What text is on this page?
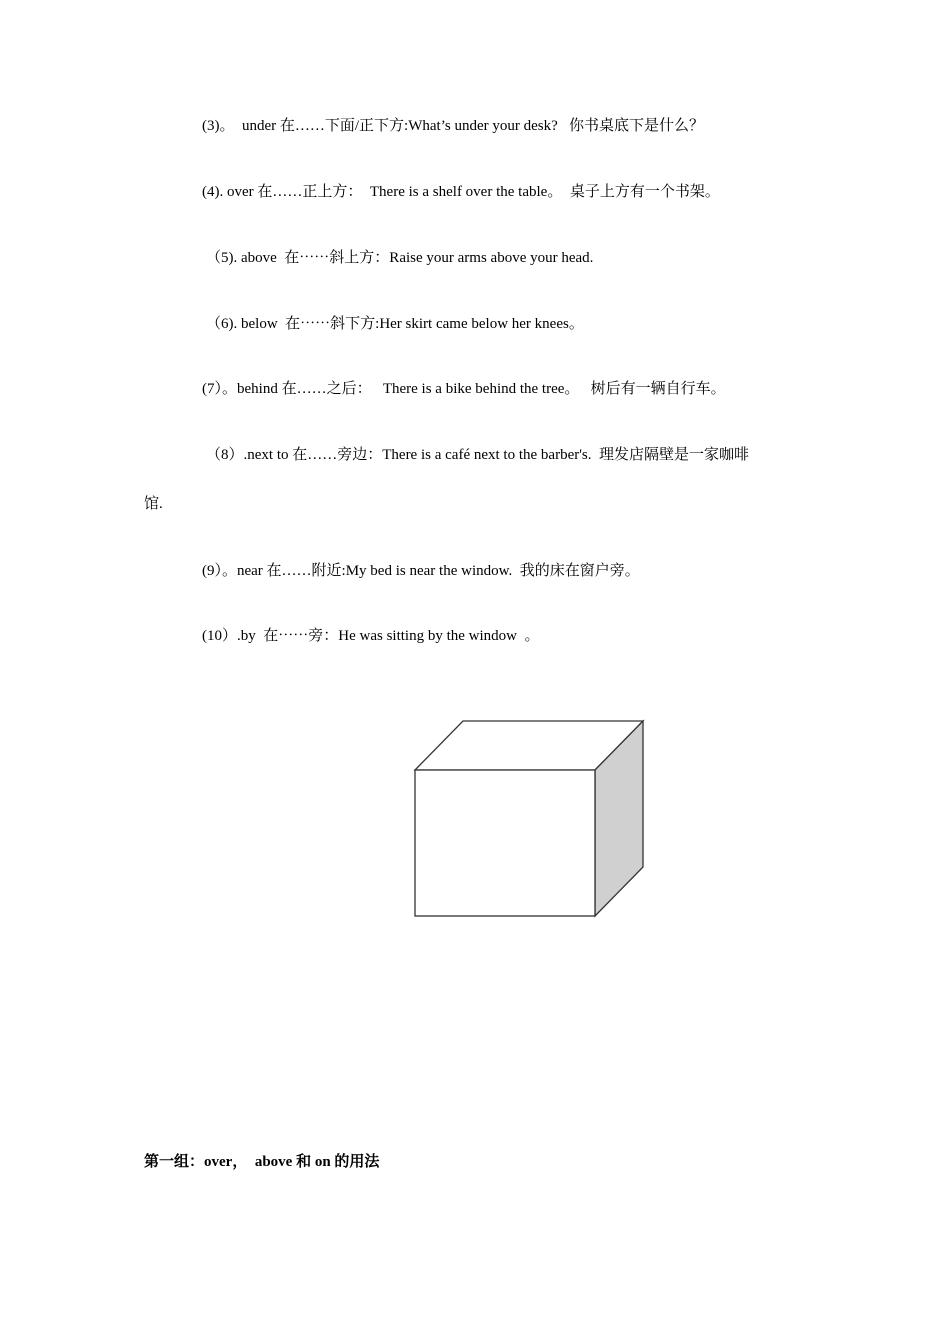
(3)。  under 在……下面/正下方:What’s under your desk?   你书桌底下是什么？
(4). over 在……正上方：  There is a shelf over the table。  桌子上方有一个书架。
（5). above  在⋯⋯斜上方：Raise your arms above your head.
（6). below  在⋯⋯斜下方:Her skirt came below her knees。
(7）。behind 在……之后：   There is a bike behind the tree。   树后有一辆自行车。
（8）.next to 在……旁边：There is a café next to the barber's.  理发店隔壁是一家咖啡
馆.
(9）。near 在……附近:My bed is near the window.  我的床在窗户旁。
(10）.by  在⋯⋯旁：He was sitting by the window  。
第一组：over，  above 和 on 的用法
